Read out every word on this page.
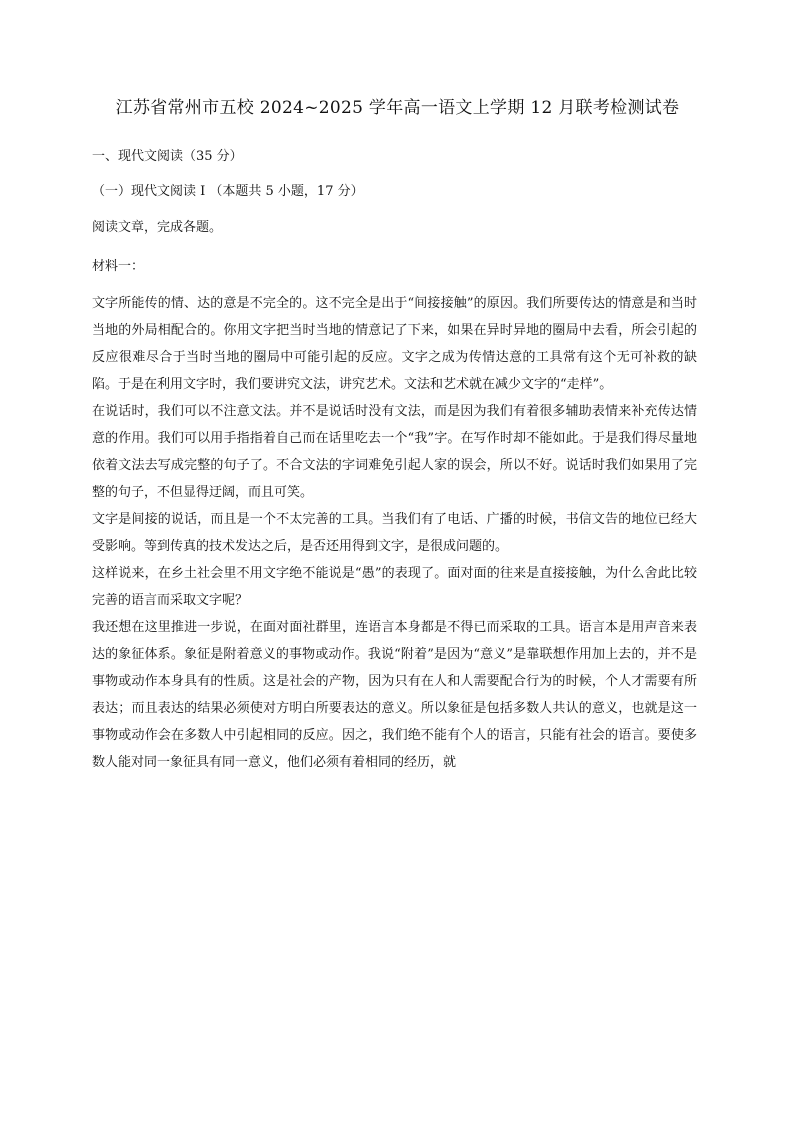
江苏省常州市五校 2024~2025 学年高一语文上学期 12 月联考检测试卷
一、现代文阅读（35 分）
（一）现代文阅读 I （本题共 5 小题，17 分）
阅读文章，完成各题。
材料一：

文字所能传的情、达的意是不完全的。这不完全是出于“间接接触”的原因。我们所要传达的情意是和当时当地的外局相配合的。你用文字把当时当地的情意记了下来，如果在异时异地的圈局中去看，所会引起的反应很难尽合于当时当地的圈局中可能引起的反应。文字之成为传情达意的工具常有这个无可补救的缺陷。于是在利用文字时，我们要讲究文法，讲究艺术。文法和艺术就在减少文字的“走样”。

在说话时，我们可以不注意文法。并不是说话时没有文法，而是因为我们有着很多辅助表情来补充传达情意的作用。我们可以用手指指着自己而在话里吃去一个“我”字。在写作时却不能如此。于是我们得尽量地依着文法去写成完整的句子了。不合文法的字词难免引起人家的误会，所以不好。说话时我们如果用了完整的句子，不但显得迂阔，而且可笑。

文字是间接的说话，而且是一个不太完善的工具。当我们有了电话、广播的时候，书信文告的地位已经大受影响。等到传真的技术发达之后，是否还用得到文字，是很成问题的。

这样说来，在乡土社会里不用文字绝不能说是“愚”的表现了。面对面的往来是直接接触，为什么舍此比较完善的语言而采取文字呢？

我还想在这里推进一步说，在面对面社群里，连语言本身都是不得已而采取的工具。语言本是用声音来表达的象征体系。象征是附着意义的事物或动作。我说“附着”是因为“意义”是靠联想作用加上去的，并不是事物或动作本身具有的性质。这是社会的产物，因为只有在人和人需要配合行为的时候，个人才需要有所表达；而且表达的结果必须使对方明白所要表达的意义。所以象征是包括多数人共认的意义，也就是这一事物或动作会在多数人中引起相同的反应。因之，我们绝不能有个人的语言，只能有社会的语言。要使多数人能对同一象征具有同一意义，他们必须有着相同的经历，就
